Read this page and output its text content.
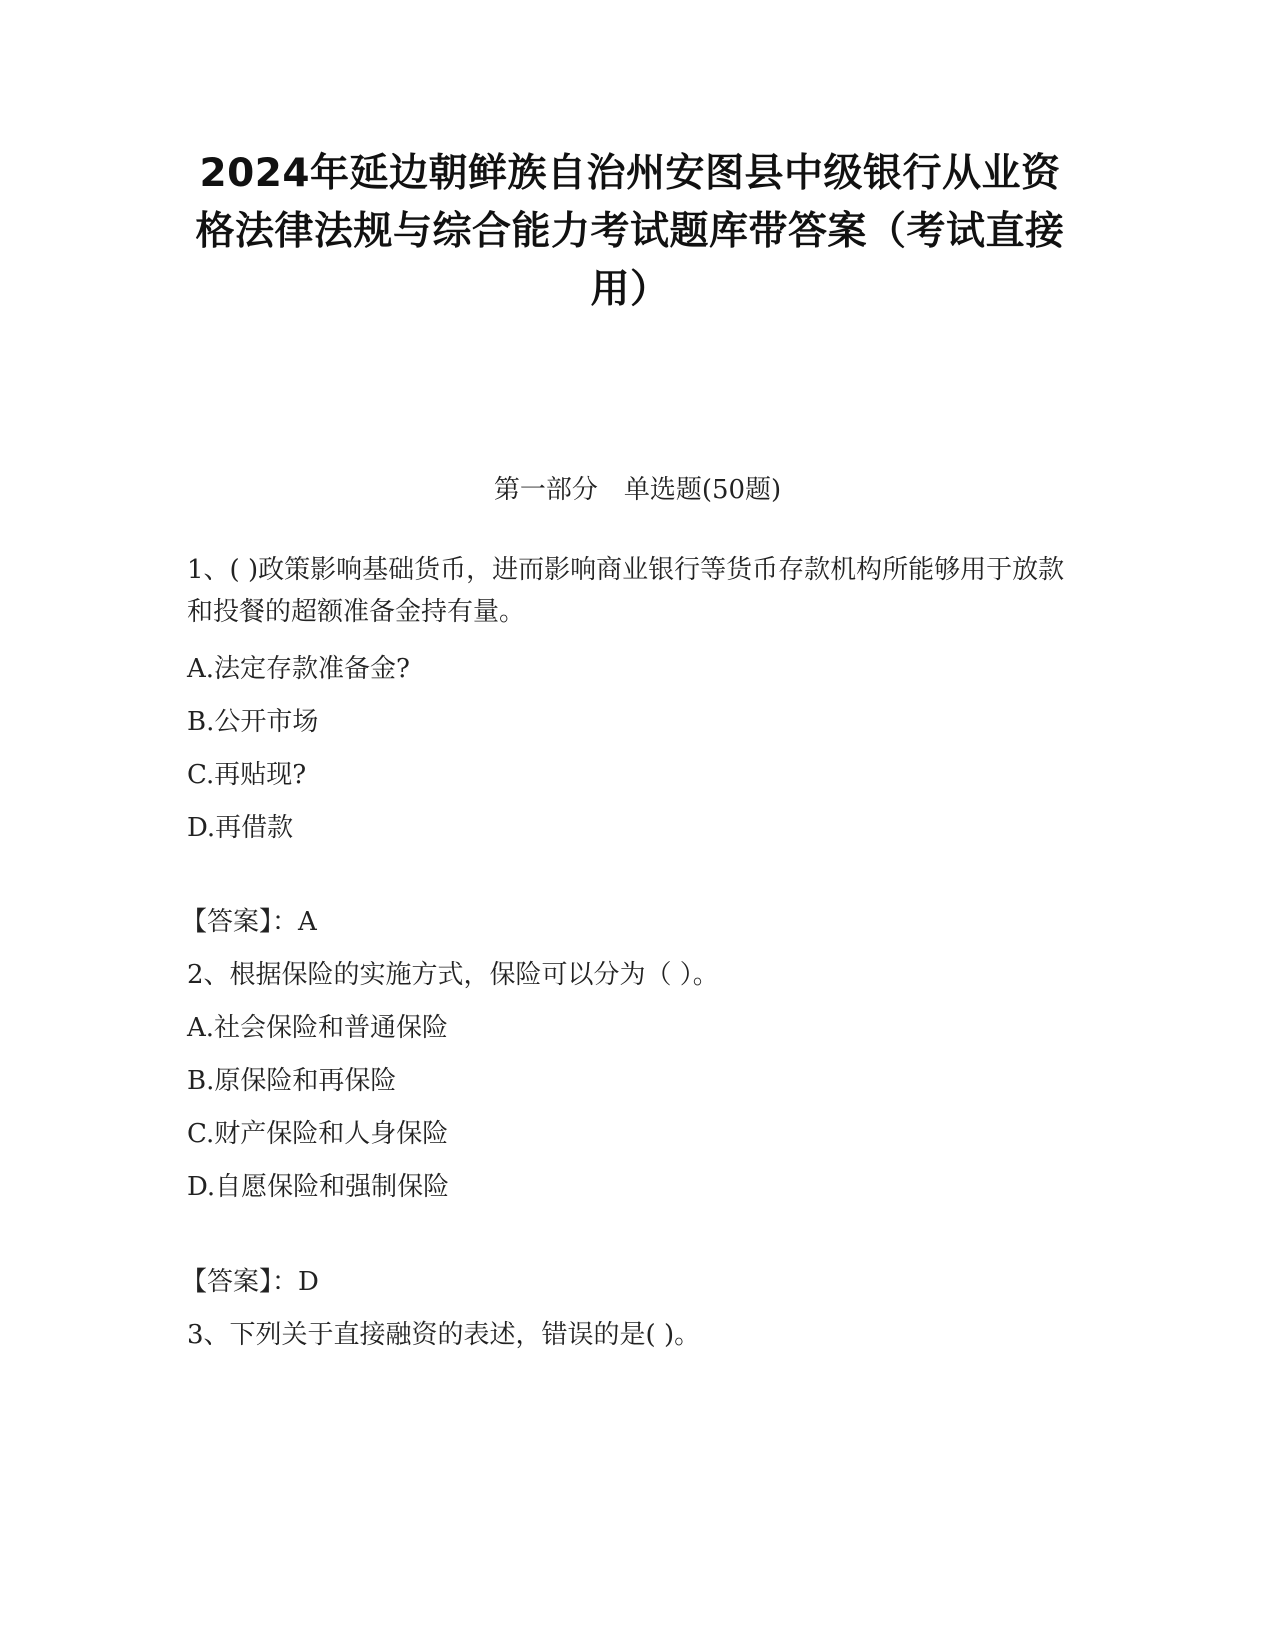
2024年延边朝鲜族自治州安图县中级银行从业资格法律法规与综合能力考试题库带答案（考试直接用）
第一部分　单选题(50题)
1、( )政策影响基础货币，进而影响商业银行等货币存款机构所能够用于放款和投餐的超额准备金持有量。
A.法定存款准备金?
B.公开市场
C.再贴现?
D.再借款
【答案】：A
2、根据保险的实施方式，保险可以分为（ ）。
A.社会保险和普通保险
B.原保险和再保险
C.财产保险和人身保险
D.自愿保险和强制保险
【答案】：D
3、下列关于直接融资的表述，错误的是( )。
